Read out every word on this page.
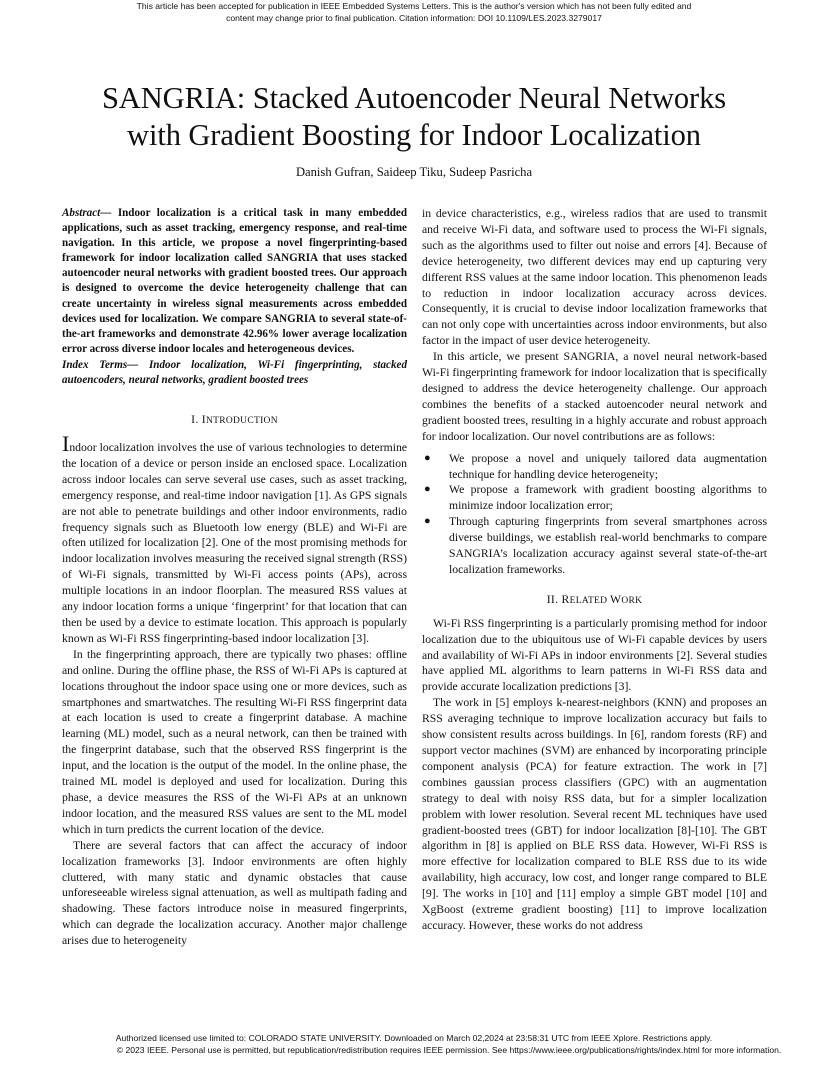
This article has been accepted for publication in IEEE Embedded Systems Letters. This is the author's version which has not been fully edited and
content may change prior to final publication. Citation information: DOI 10.1109/LES.2023.3279017
SANGRIA: Stacked Autoencoder Neural Networks
with Gradient Boosting for Indoor Localization
Danish Gufran, Saideep Tiku, Sudeep Pasricha

Abstract— Indoor localization is a critical task in many embedded applications, such as asset tracking, emergency response, and real-time navigation. In this article, we propose a novel fingerprinting-based framework for indoor localization called SANGRIA that uses stacked autoencoder neural networks with gradient boosted trees. Our approach is designed to overcome the device heterogeneity challenge that can create uncertainty in wireless signal measurements across embedded devices used for localization. We compare SANGRIA to several state-of-the-art frameworks and demonstrate 42.96% lower average localization error across diverse indoor locales and heterogeneous devices.

Index Terms— Indoor localization, Wi-Fi fingerprinting, stacked autoencoders, neural networks, gradient boosted trees

I. INTRODUCTION

Indoor localization involves the use of various technologies to determine the location of a device or person inside an enclosed space. Localization across indoor locales can serve several use cases, such as asset tracking, emergency response, and real-time indoor navigation [1]. As GPS signals are not able to penetrate buildings and other indoor environments, radio frequency signals such as Bluetooth low energy (BLE) and Wi-Fi are often utilized for localization [2]. One of the most promising methods for indoor localization involves measuring the received signal strength (RSS) of Wi-Fi signals, transmitted by Wi-Fi access points (APs), across multiple locations in an indoor floorplan. The measured RSS values at any indoor location forms a unique ‘fingerprint’ for that location that can then be used by a device to estimate location. This approach is popularly known as Wi-Fi RSS fingerprinting-based indoor localization [3].

In the fingerprinting approach, there are typically two phases: offline and online. During the offline phase, the RSS of Wi-Fi APs is captured at locations throughout the indoor space using one or more devices, such as smartphones and smartwatches. The resulting Wi-Fi RSS fingerprint data at each location is used to create a fingerprint database. A machine learning (ML) model, such as a neural network, can then be trained with the fingerprint database, such that the observed RSS fingerprint is the input, and the location is the output of the model. In the online phase, the trained ML model is deployed and used for localization. During this phase, a device measures the RSS of the Wi-Fi APs at an unknown indoor location, and the measured RSS values are sent to the ML model which in turn predicts the current location of the device.

There are several factors that can affect the accuracy of indoor localization frameworks [3]. Indoor environments are often highly cluttered, with many static and dynamic obstacles that cause unforeseeable wireless signal attenuation, as well as multipath fading and shadowing. These factors introduce noise in measured fingerprints, which can degrade the localization accuracy. Another major challenge arises due to heterogeneity

in device characteristics, e.g., wireless radios that are used to transmit and receive Wi-Fi data, and software used to process the Wi-Fi signals, such as the algorithms used to filter out noise and errors [4]. Because of device heterogeneity, two different devices may end up capturing very different RSS values at the same indoor location. This phenomenon leads to reduction in indoor localization accuracy across devices. Consequently, it is crucial to devise indoor localization frameworks that can not only cope with uncertainties across indoor environments, but also factor in the impact of user device heterogeneity.

In this article, we present SANGRIA, a novel neural network-based Wi-Fi fingerprinting framework for indoor localization that is specifically designed to address the device heterogeneity challenge. Our approach combines the benefits of a stacked autoencoder neural network and gradient boosted trees, resulting in a highly accurate and robust approach for indoor localization. Our novel contributions are as follows:

● We propose a novel and uniquely tailored data augmentation technique for handling device heterogeneity;
● We propose a framework with gradient boosting algorithms to minimize indoor localization error;
● Through capturing fingerprints from several smartphones across diverse buildings, we establish real-world benchmarks to compare SANGRIA’s localization accuracy against several state-of-the-art localization frameworks.

II. RELATED WORK

Wi-Fi RSS fingerprinting is a particularly promising method for indoor localization due to the ubiquitous use of Wi-Fi capable devices by users and availability of Wi-Fi APs in indoor environments [2]. Several studies have applied ML algorithms to learn patterns in Wi-Fi RSS data and provide accurate localization predictions [3].

The work in [5] employs k-nearest-neighbors (KNN) and proposes an RSS averaging technique to improve localization accuracy but fails to show consistent results across buildings. In [6], random forests (RF) and support vector machines (SVM) are enhanced by incorporating principle component analysis (PCA) for feature extraction. The work in [7] combines gaussian process classifiers (GPC) with an augmentation strategy to deal with noisy RSS data, but for a simpler localization problem with lower resolution. Several recent ML techniques have used gradient-boosted trees (GBT) for indoor localization [8]-[10]. The GBT algorithm in [8] is applied on BLE RSS data. However, Wi-Fi RSS is more effective for localization compared to BLE RSS due to its wide availability, high accuracy, low cost, and longer range compared to BLE [9]. The works in [10] and [11] employ a simple GBT model [10] and XgBoost (extreme gradient boosting) [11] to improve localization accuracy. However, these works do not address

Authorized licensed use limited to: COLORADO STATE UNIVERSITY. Downloaded on March 02,2024 at 23:58:31 UTC from IEEE Xplore. Restrictions apply.
© 2023 IEEE. Personal use is permitted, but republication/redistribution requires IEEE permission. See https://www.ieee.org/publications/rights/index.html for more information.
